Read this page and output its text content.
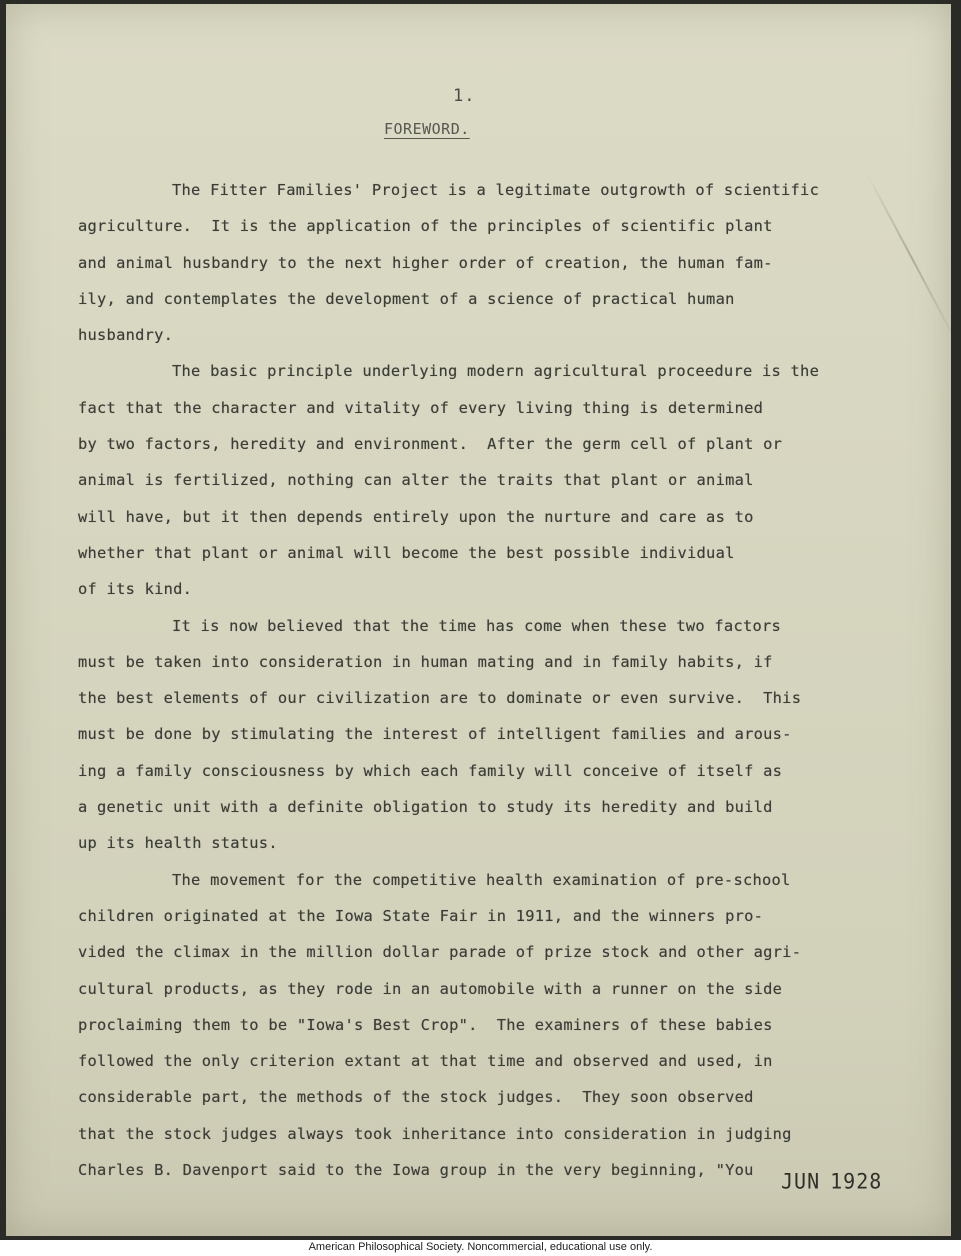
1.
FOREWORD.
The Fitter Families' Project is a legitimate outgrowth of scientific
agriculture.  It is the application of the principles of scientific plant
and animal husbandry to the next higher order of creation, the human fam-
ily, and contemplates the development of a science of practical human
husbandry.
The basic principle underlying modern agricultural proceedure is the
fact that the character and vitality of every living thing is determined
by two factors, heredity and environment.  After the germ cell of plant or
animal is fertilized, nothing can alter the traits that plant or animal
will have, but it then depends entirely upon the nurture and care as to
whether that plant or animal will become the best possible individual
of its kind.
It is now believed that the time has come when these two factors
must be taken into consideration in human mating and in family habits, if
the best elements of our civilization are to dominate or even survive.  This
must be done by stimulating the interest of intelligent families and arous-
ing a family consciousness by which each family will conceive of itself as
a genetic unit with a definite obligation to study its heredity and build
up its health status.
The movement for the competitive health examination of pre-school
children originated at the Iowa State Fair in 1911, and the winners pro-
vided the climax in the million dollar parade of prize stock and other agri-
cultural products, as they rode in an automobile with a runner on the side
proclaiming them to be "Iowa's Best Crop".  The examiners of these babies
followed the only criterion extant at that time and observed and used, in
considerable part, the methods of the stock judges.  They soon observed
that the stock judges always took inheritance into consideration in judging
Charles B. Davenport said to the Iowa group in the very beginning, "You	JUN 1928
American Philosophical Society. Noncommercial, educational use only.
